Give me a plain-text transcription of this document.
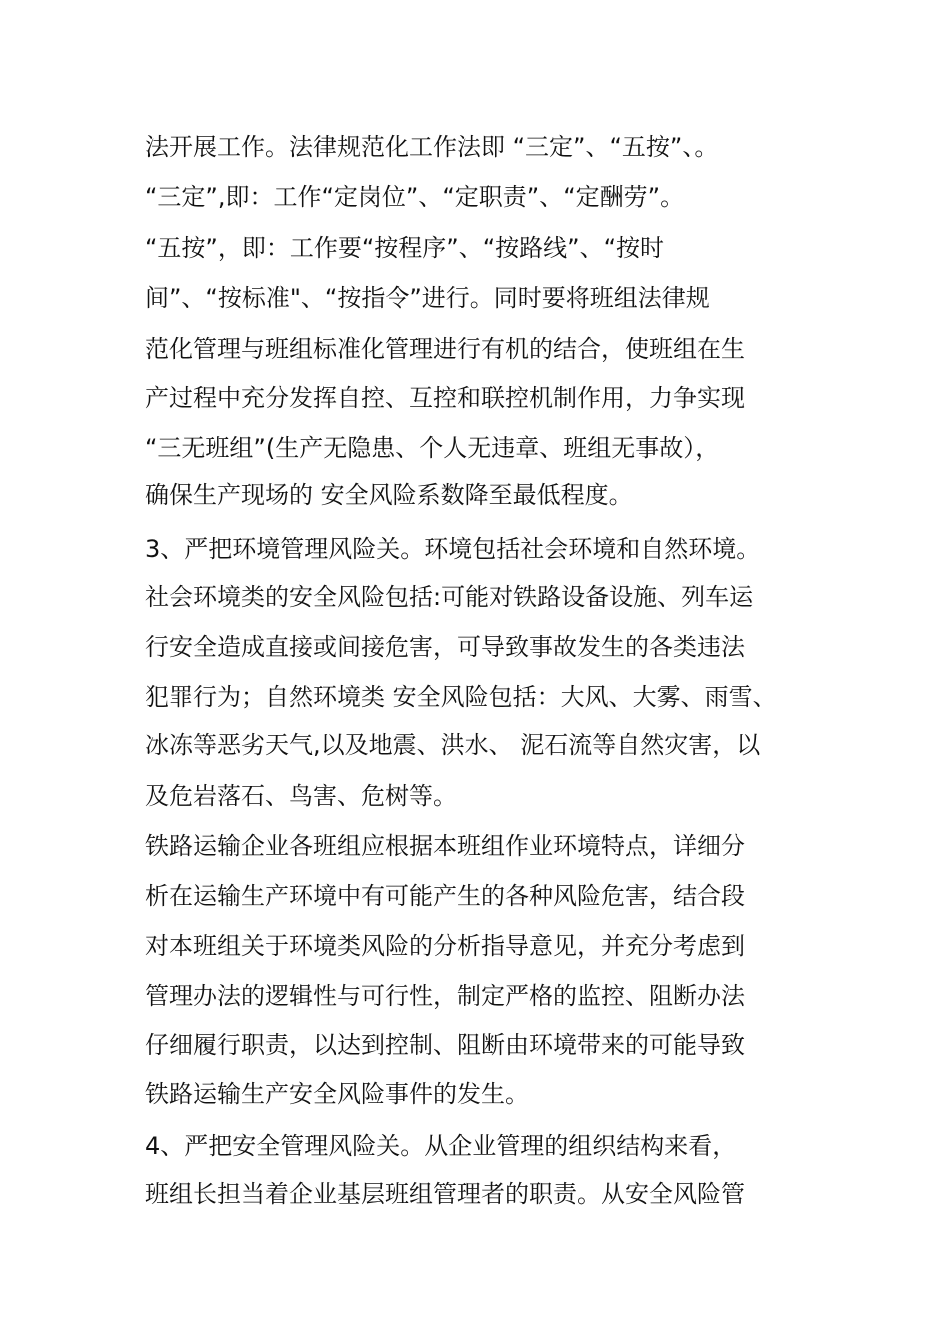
法开展工作。法律规范化工作法即 “三定”、“五按”、。
“三定”,即：工作“定岗位”、“定职责”、“定酬劳”。
“五按”，即：工作要“按程序”、“按路线”、“按时
间”、“按标准"、“按指令”进行。同时要将班组法律规
范化管理与班组标准化管理进行有机的结合，使班组在生
产过程中充分发挥自控、互控和联控机制作用，力争实现
“三无班组”(生产无隐患、个人无违章、班组无事故），
确保生产现场的 安全风险系数降至最低程度。
3、严把环境管理风险关。环境包括社会环境和自然环境。
社会环境类的安全风险包括:可能对铁路设备设施、列车运
行安全造成直接或间接危害，可导致事故发生的各类违法
犯罪行为；自然环境类 安全风险包括：大风、大雾、雨雪、
冰冻等恶劣天气,以及地震、洪水、 泥石流等自然灾害，以
及危岩落石、鸟害、危树等。
铁路运输企业各班组应根据本班组作业环境特点，详细分
析在运输生产环境中有可能产生的各种风险危害，结合段
对本班组关于环境类风险的分析指导意见，并充分考虑到
管理办法的逻辑性与可行性，制定严格的监控、阻断办法
仔细履行职责，以达到控制、阻断由环境带来的可能导致
铁路运输生产安全风险事件的发生。
4、严把安全管理风险关。从企业管理的组织结构来看，
班组长担当着企业基层班组管理者的职责。从安全风险管
